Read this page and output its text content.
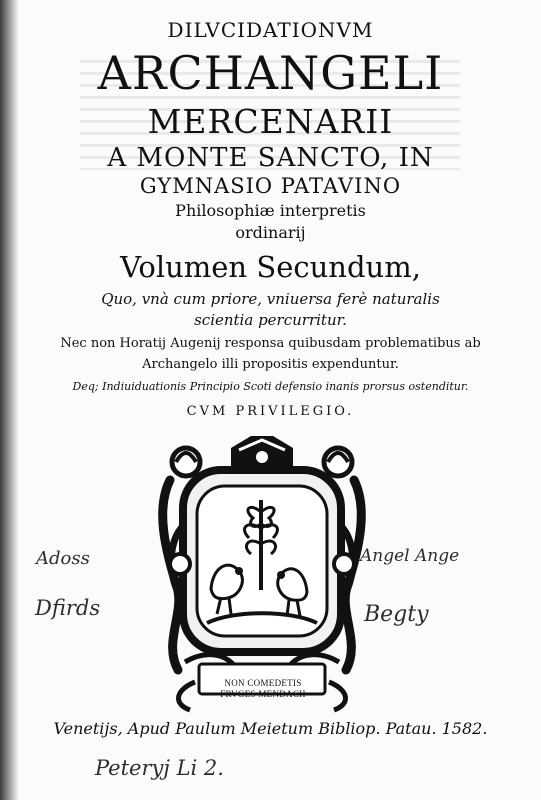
DILVCIDATIONVM
ARCHANGELI
MERCENARII
A MONTE SANCTO, IN
GYMNASIO PATAVINO
Philosophiæ interpretis
ordinarij
Volumen Secundum,
Quo, vnà cum priore, vniuersa ferè naturalis
scientia percurritur.
Nec non Horatij Augenij responsa quibusdam problematibus ab
Archangelo illi propositis expenduntur.
Deq; Indiuiduationis Principio Scoti defensio inanis prorsus ostenditur.
CVM PRIVILEGIO.
Adoss
Dfirds
Angel Ange
Begty
NON COMEDETIS
FRVGES MENDACII
Venetijs, Apud Paulum Meietum Bibliop. Patau. 1582.
Peteryj Li 2.
